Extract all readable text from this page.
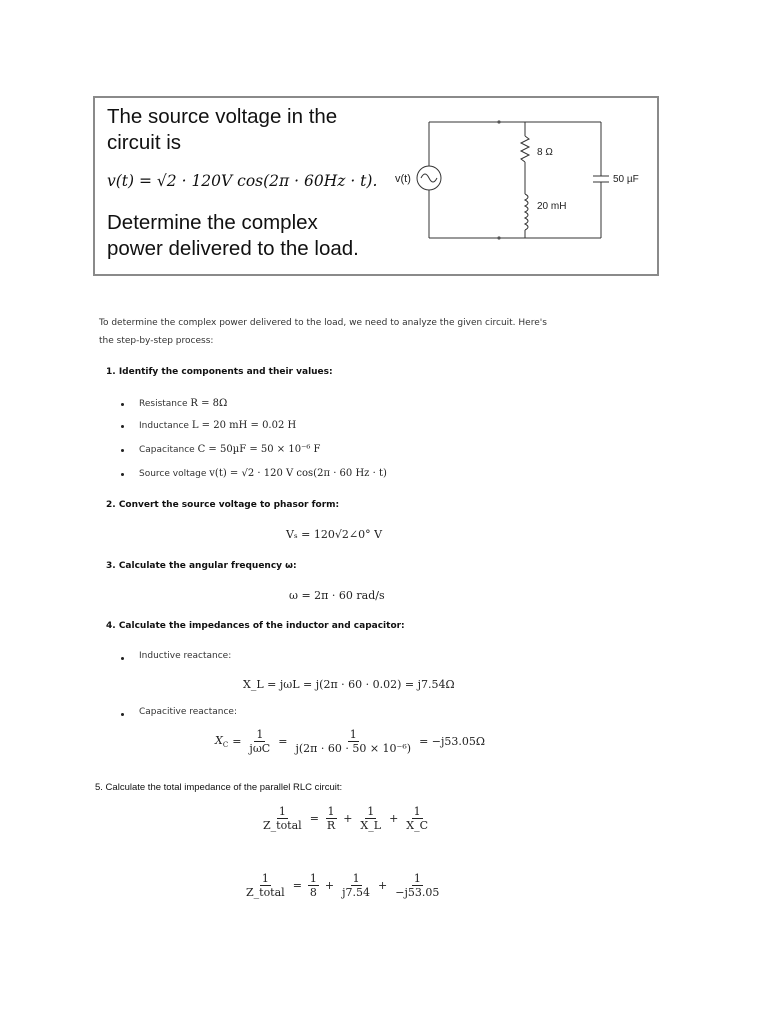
The source voltage in the
circuit is
v(t) = √2 · 120V cos(2π · 60Hz · t).
Determine the complex
power delivered to the load.
v(t)
8 Ω
20 mH
50 µF
To determine the complex power delivered to the load, we need to analyze the given circuit. Here's
the step-by-step process:
1. Identify the components and their values:
Resistance R = 8Ω
Inductance L = 20 mH = 0.02 H
Capacitance C = 50µF = 50 × 10⁻⁶ F
Source voltage v(t) = √2 · 120 V cos(2π · 60 Hz · t)
2. Convert the source voltage to phasor form:
Vₛ = 120√2∠0° V
3. Calculate the angular frequency ω:
ω = 2π · 60 rad/s
4. Calculate the impedances of the inductor and capacitor:
Inductive reactance:
X_L = jωL = j(2π · 60 · 0.02) = j7.54Ω
Capacitive reactance:
$X_C = \frac{1}{\text{jωC}} = \frac{1}{\text{j(2π · 60 · 50 × 10⁻⁶)}} = -j53.05\Omega$
5. Calculate the total impedance of the parallel RLC circuit:
$\frac{1}{\text{Z\_total}} = \frac{1}{R} + \frac{1}{X\_L} + \frac{1}{X\_C}$
$\frac{1}{\text{Z\_total}} = \frac{1}{8} + \frac{1}{j7.54} + \frac{1}{-j53.05}$
